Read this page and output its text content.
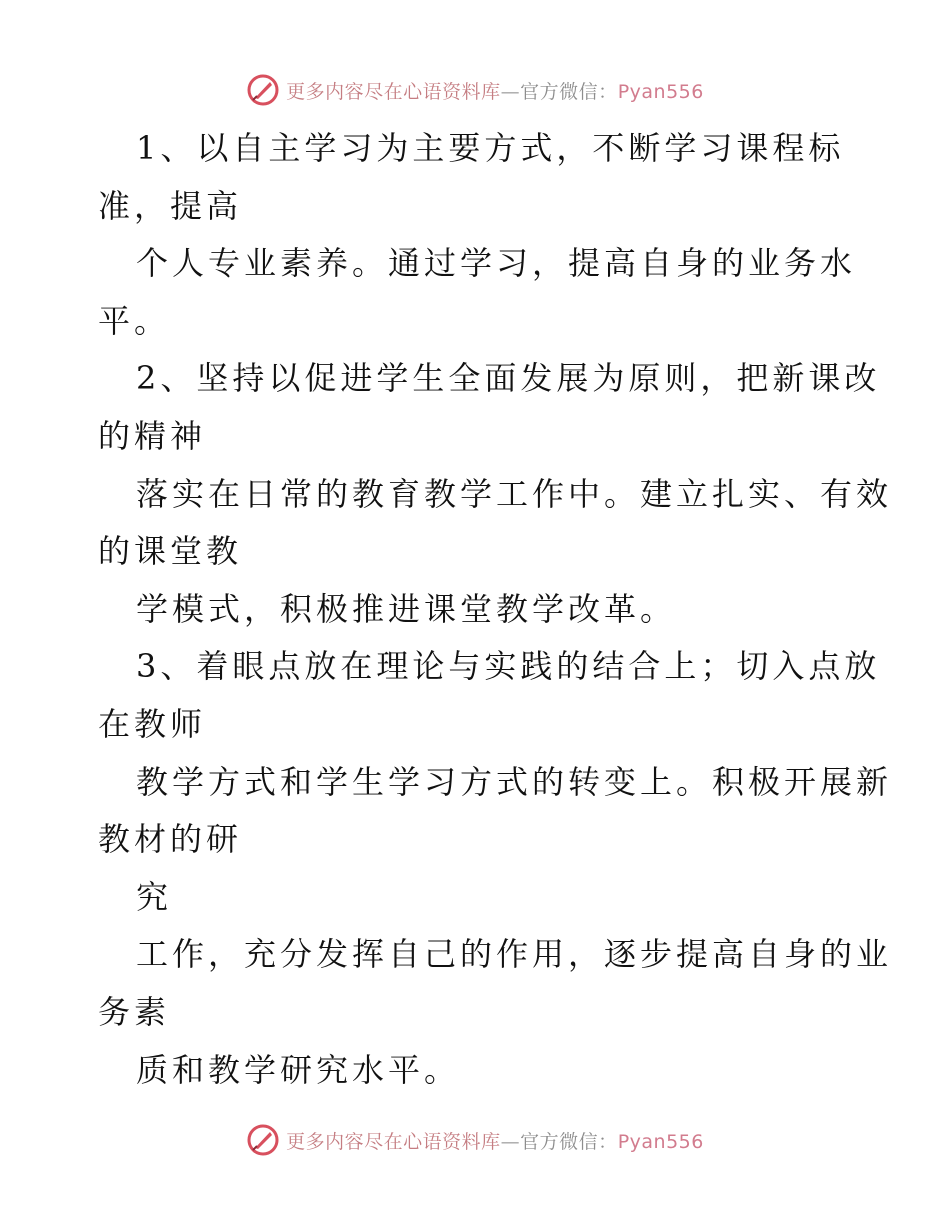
更多内容尽在心语资料库—官方微信：Pyan556
1、以自主学习为主要方式，不断学习课程标
准，提高
个人专业素养。通过学习，提高自身的业务水
平。
2、坚持以促进学生全面发展为原则，把新课改
的精神
落实在日常的教育教学工作中。建立扎实、有效
的课堂教
学模式，积极推进课堂教学改革。
3、着眼点放在理论与实践的结合上；切入点放
在教师
教学方式和学生学习方式的转变上。积极开展新
教材的研
究
工作，充分发挥自己的作用，逐步提高自身的业
务素
质和教学研究水平。
更多内容尽在心语资料库—官方微信：Pyan556
